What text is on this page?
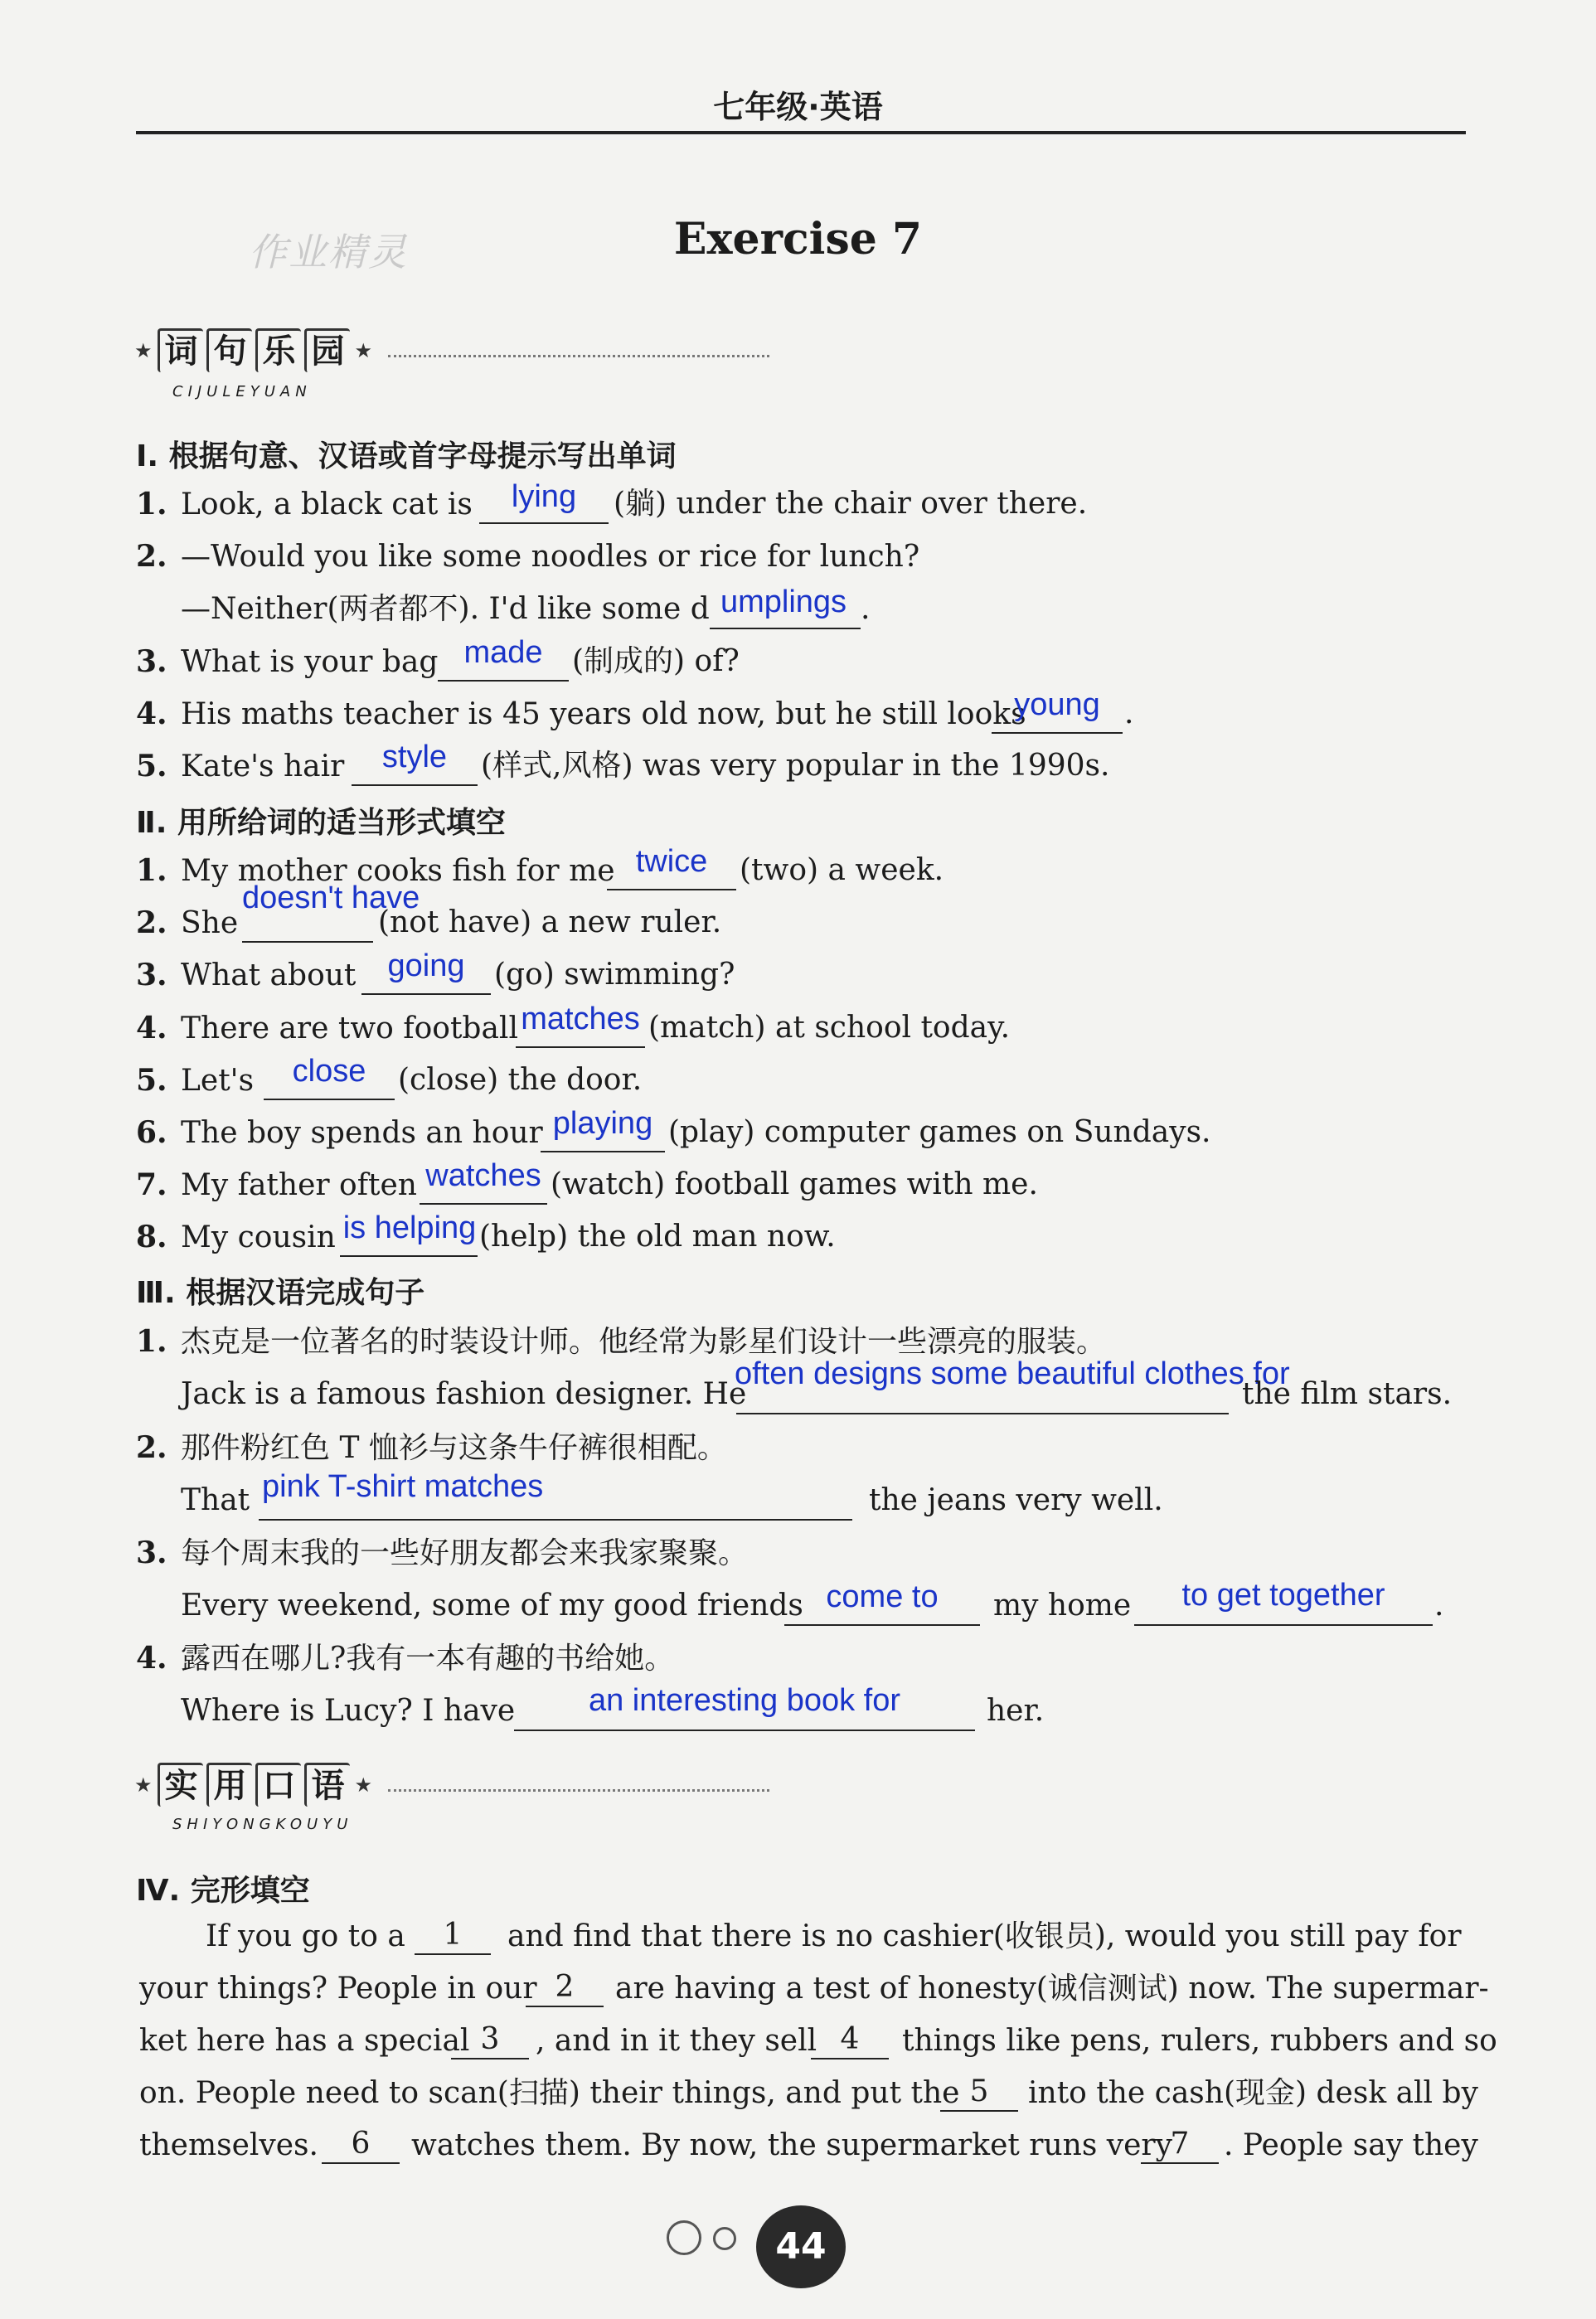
七年级·英语
作业精灵	Exercise 7
★ 词 句 乐 园 ★
CIJULEYUAN
Ⅰ. 根据句意、汉语或首字母提示写出单词
1. Look, a black cat is	lying	(躺) under the chair over there.
2. —Would you like some noodles or rice for lunch?
—Neither(两者都不). I'd like some d umplings .
3. What is your bag made (制成的) of?
4. His maths teacher is 45 years old now, but he still looks
young .
5. Kate's hair	style	(样式,风格) was very popular in the 1990s.
Ⅱ. 用所给词的适当形式填空
1. My mother cooks fish for me twice	(two) a week.
2. She
doesn't have
(not have) a new ruler.
3. What about	going (go) swimming?
4. There are two football matches (match) at school today.
5. Let's	close	(close) the door.
6. The boy spends an hour playing (play) computer games on Sundays.
7. My father often watches (watch) football games with me.
8. My cousin is helping (help) the old man now.
Ⅲ. 根据汉语完成句子
1. 杰克是一位著名的时装设计师。他经常为影星们设计一些漂亮的服装。
Jack is a famous fashion designer. He
often designs some beautiful clothes for
the film stars.
2. 那件粉红色 T 恤衫与这条牛仔裤很相配。
That pink T-shirt matches	the jeans very well.
3. 每个周末我的一些好朋友都会来我家聚聚。
Every weekend, some of my good friends come to	my home	to get together	.
4. 露西在哪儿?我有一本有趣的书给她。
Where is Lucy? I have	an interesting book for	her.
★ 实 用 口 语 ★
SHIYONGKOUYU
Ⅳ. 完形填空
If you go to a	1	and find that there is no cashier(收银员), would you still pay for
your things? People in our 2	are having a test of honesty(诚信测试) now. The supermar-
ket here has a special 3	, and in it they sell 4	things like pens, rulers, rubbers and so
on. People need to scan(扫描) their things, and put the 5	into the cash(现金) desk all by
themselves.	6	watches them. By now, the supermarket runs very
7	. People say they
44
